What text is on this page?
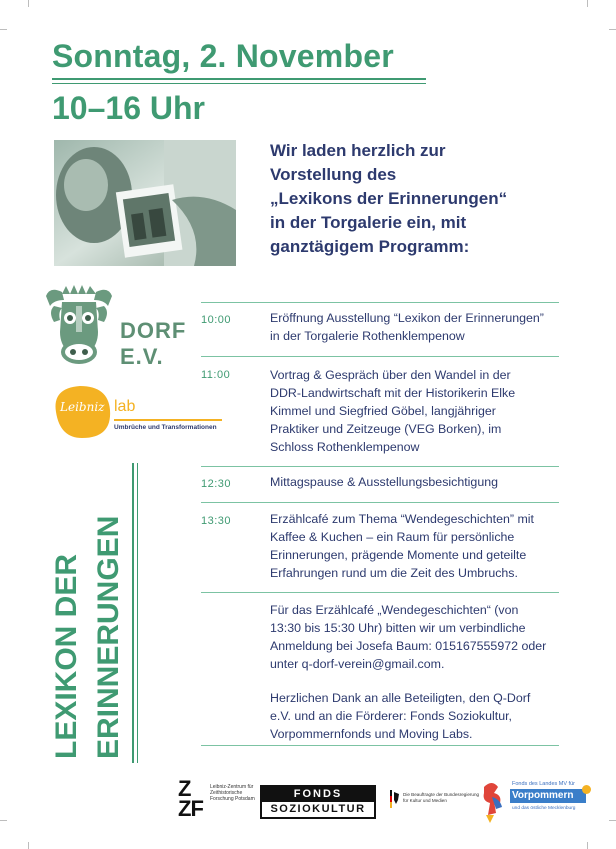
Sonntag, 2. November
10–16 Uhr
Wir laden herzlich zur
Vorstellung des
„Lexikons der Erinnerungen“
in der Torgalerie ein, mit
ganztägigem Programm:
DORF
E.V.
Leibniz lab
Umbrüche und Transformationen
LEXIKON DER ERINNERUNGEN
10:00	Eröffnung Ausstellung “Lexikon der Erinnerungen”
in der Torgalerie Rothenklempenow
11:00	Vortrag & Gespräch über den Wandel in der
DDR-Landwirtschaft mit der Historikerin Elke
Kimmel und Siegfried Göbel, langjähriger
Praktiker und Zeitzeuge (VEG Borken), im
Schloss Rothenklempenow
12:30	Mittagspause & Ausstellungsbesichtigung
13:30	Erzählcafé zum Thema “Wendegeschichten” mit
Kaffee & Kuchen – ein Raum für persönliche
Erinnerungen, prägende Momente und geteilte
Erfahrungen rund um die Zeit des Umbruchs.
Für das Erzählcafé „Wendegeschichten“ (von
13:30 bis 15:30 Uhr) bitten wir um verbindliche
Anmeldung bei Josefa Baum: 015167555972 oder
unter q-dorf-verein@gmail.com.
Herzlichen Dank an alle Beteiligten, den Q-Dorf
e.V. und an die Förderer: Fonds Soziokultur,
Vorpommernfonds und Moving Labs.
Z
ZF
Leibniz-Zentrum für
Zeithistorische
Forschung Potsdam	FONDS
SOZIOKULTUR
Die Beauftragte der Bundesregierung
für Kultur und Medien
Fonds des Landes MV für
Vorpommern
und das östliche Mecklenburg
